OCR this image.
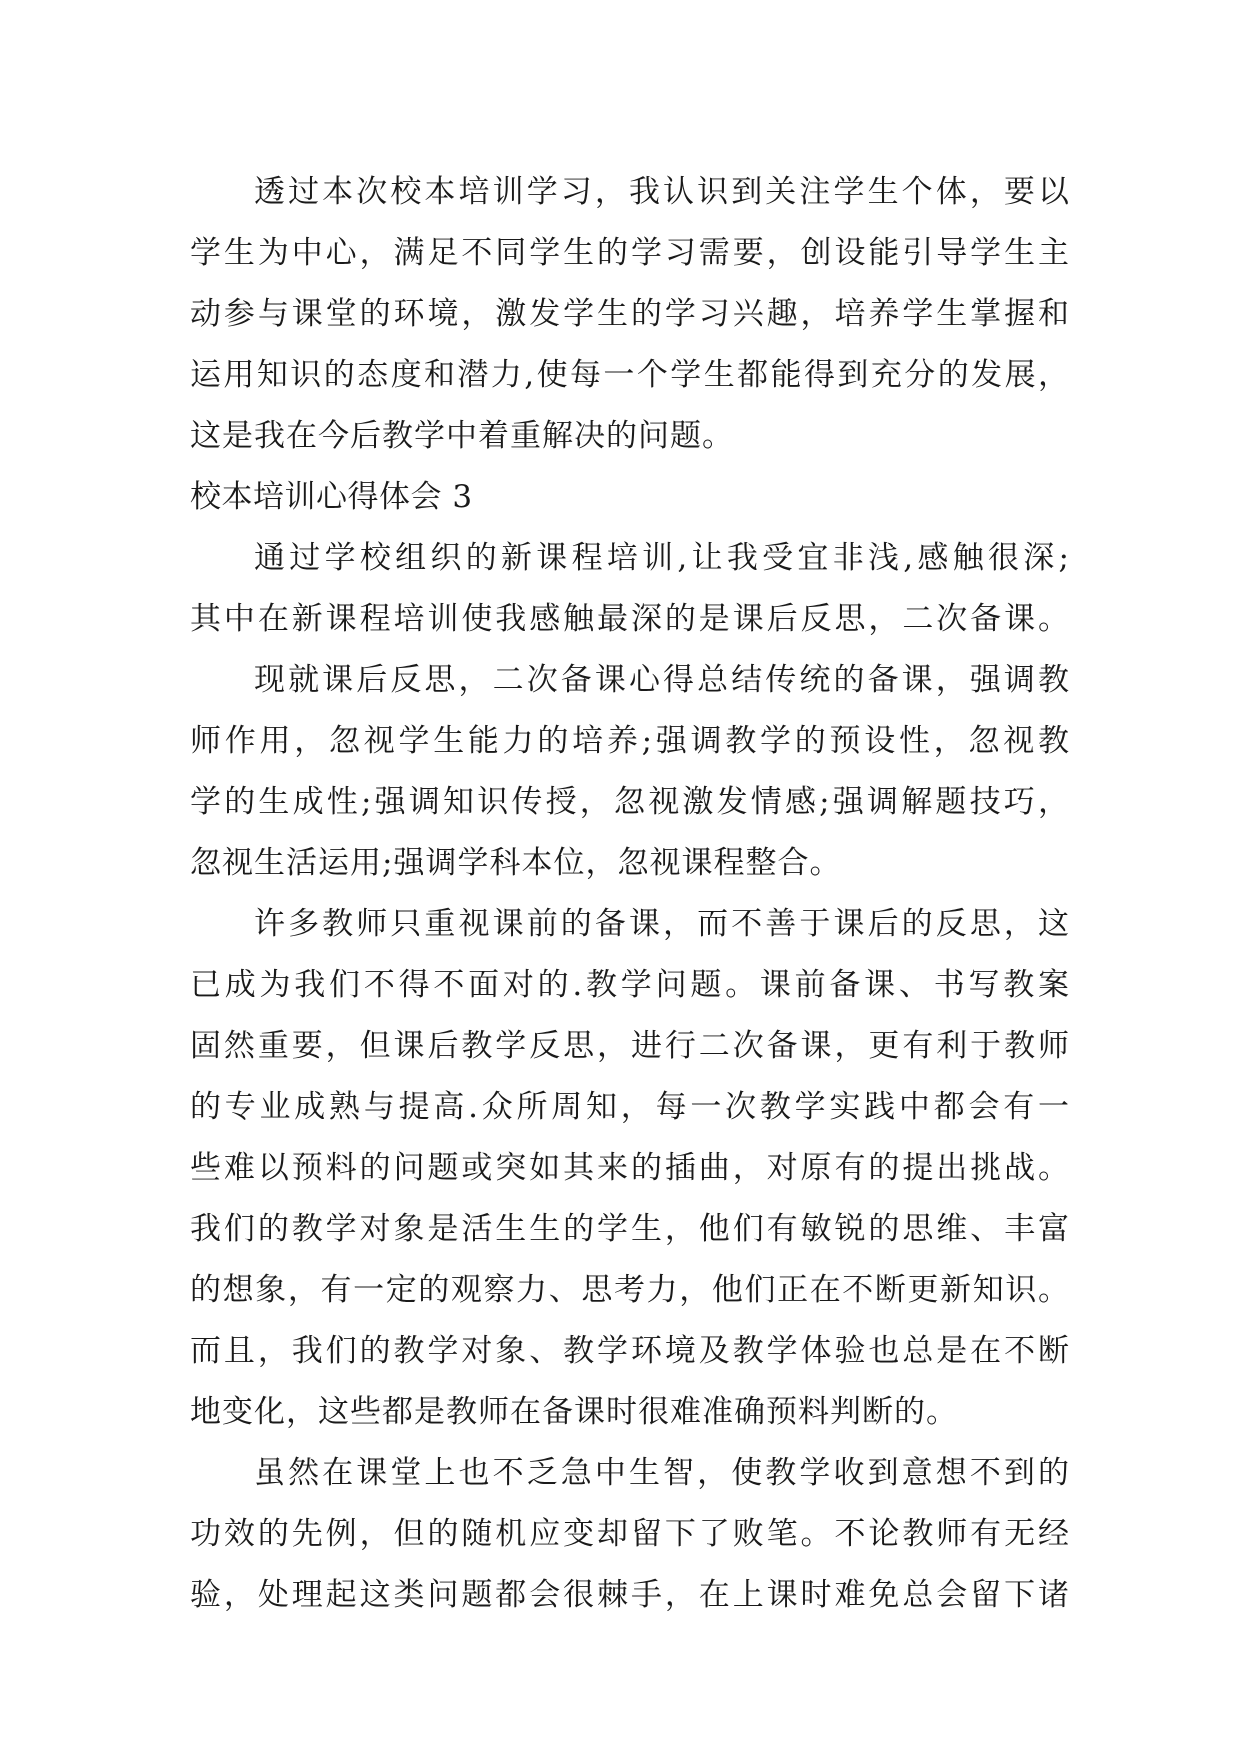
透过本次校本培训学习，我认识到关注学生个体，要以
学生为中心，满足不同学生的学习需要，创设能引导学生主
动参与课堂的环境，激发学生的学习兴趣，培养学生掌握和
运用知识的态度和潜力,使每一个学生都能得到充分的发展，
这是我在今后教学中着重解决的问题。
校本培训心得体会 3
通过学校组织的新课程培训,让我受宜非浅,感触很深;
其中在新课程培训使我感触最深的是课后反思，二次备课。
现就课后反思，二次备课心得总结传统的备课，强调教
师作用，忽视学生能力的培养;强调教学的预设性，忽视教
学的生成性;强调知识传授，忽视激发情感;强调解题技巧，
忽视生活运用;强调学科本位，忽视课程整合。
许多教师只重视课前的备课，而不善于课后的反思，这
已成为我们不得不面对的.教学问题。课前备课、书写教案
固然重要，但课后教学反思，进行二次备课，更有利于教师
的专业成熟与提高.众所周知，每一次教学实践中都会有一
些难以预料的问题或突如其来的插曲，对原有的提出挑战。
我们的教学对象是活生生的学生，他们有敏锐的思维、丰富
的想象，有一定的观察力、思考力，他们正在不断更新知识。
而且，我们的教学对象、教学环境及教学体验也总是在不断
地变化，这些都是教师在备课时很难准确预料判断的。
虽然在课堂上也不乏急中生智，使教学收到意想不到的
功效的先例，但的随机应变却留下了败笔。不论教师有无经
验，处理起这类问题都会很棘手，在上课时难免总会留下诸
